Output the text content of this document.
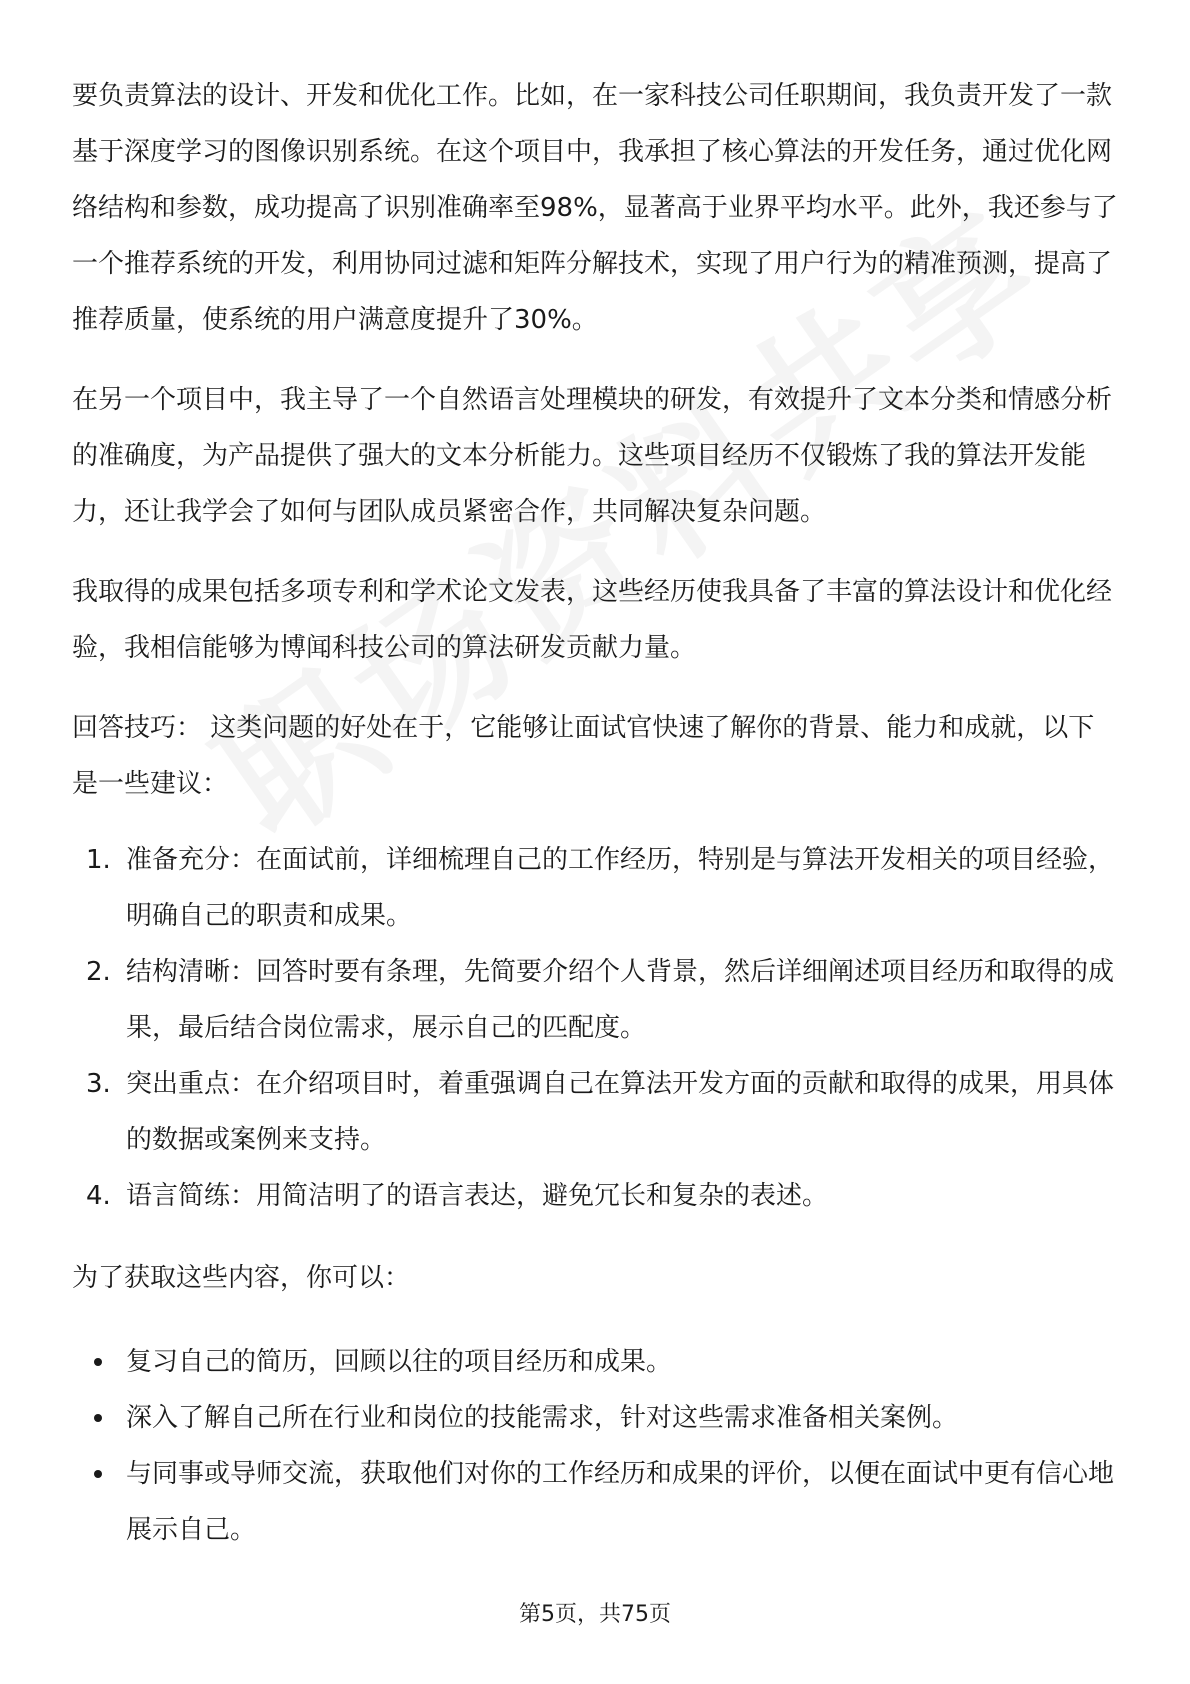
要负责算法的设计、开发和优化工作。比如，在一家科技公司任职期间，我负责开发了一款基于深度学习的图像识别系统。在这个项目中，我承担了核心算法的开发任务，通过优化网络结构和参数，成功提高了识别准确率至98%，显著高于业界平均水平。此外，我还参与了一个推荐系统的开发，利用协同过滤和矩阵分解技术，实现了用户行为的精准预测，提高了推荐质量，使系统的用户满意度提升了30%。

在另一个项目中，我主导了一个自然语言处理模块的研发，有效提升了文本分类和情感分析的准确度，为产品提供了强大的文本分析能力。这些项目经历不仅锻炼了我的算法开发能力，还让我学会了如何与团队成员紧密合作，共同解决复杂问题。

我取得的成果包括多项专利和学术论文发表，这些经历使我具备了丰富的算法设计和优化经验，我相信能够为博闻科技公司的算法研发贡献力量。

回答技巧： 这类问题的好处在于，它能够让面试官快速了解你的背景、能力和成就，以下是一些建议：

1. 准备充分：在面试前，详细梳理自己的工作经历，特别是与算法开发相关的项目经验，明确自己的职责和成果。
2. 结构清晰：回答时要有条理，先简要介绍个人背景，然后详细阐述项目经历和取得的成果，最后结合岗位需求，展示自己的匹配度。
3. 突出重点：在介绍项目时，着重强调自己在算法开发方面的贡献和取得的成果，用具体的数据或案例来支持。
4. 语言简练：用简洁明了的语言表达，避免冗长和复杂的表述。

为了获取这些内容，你可以：

复习自己的简历，回顾以往的项目经历和成果。
深入了解自己所在行业和岗位的技能需求，针对这些需求准备相关案例。
与同事或导师交流，获取他们对你的工作经历和成果的评价，以便在面试中更有信心地展示自己。
第5页，共75页
